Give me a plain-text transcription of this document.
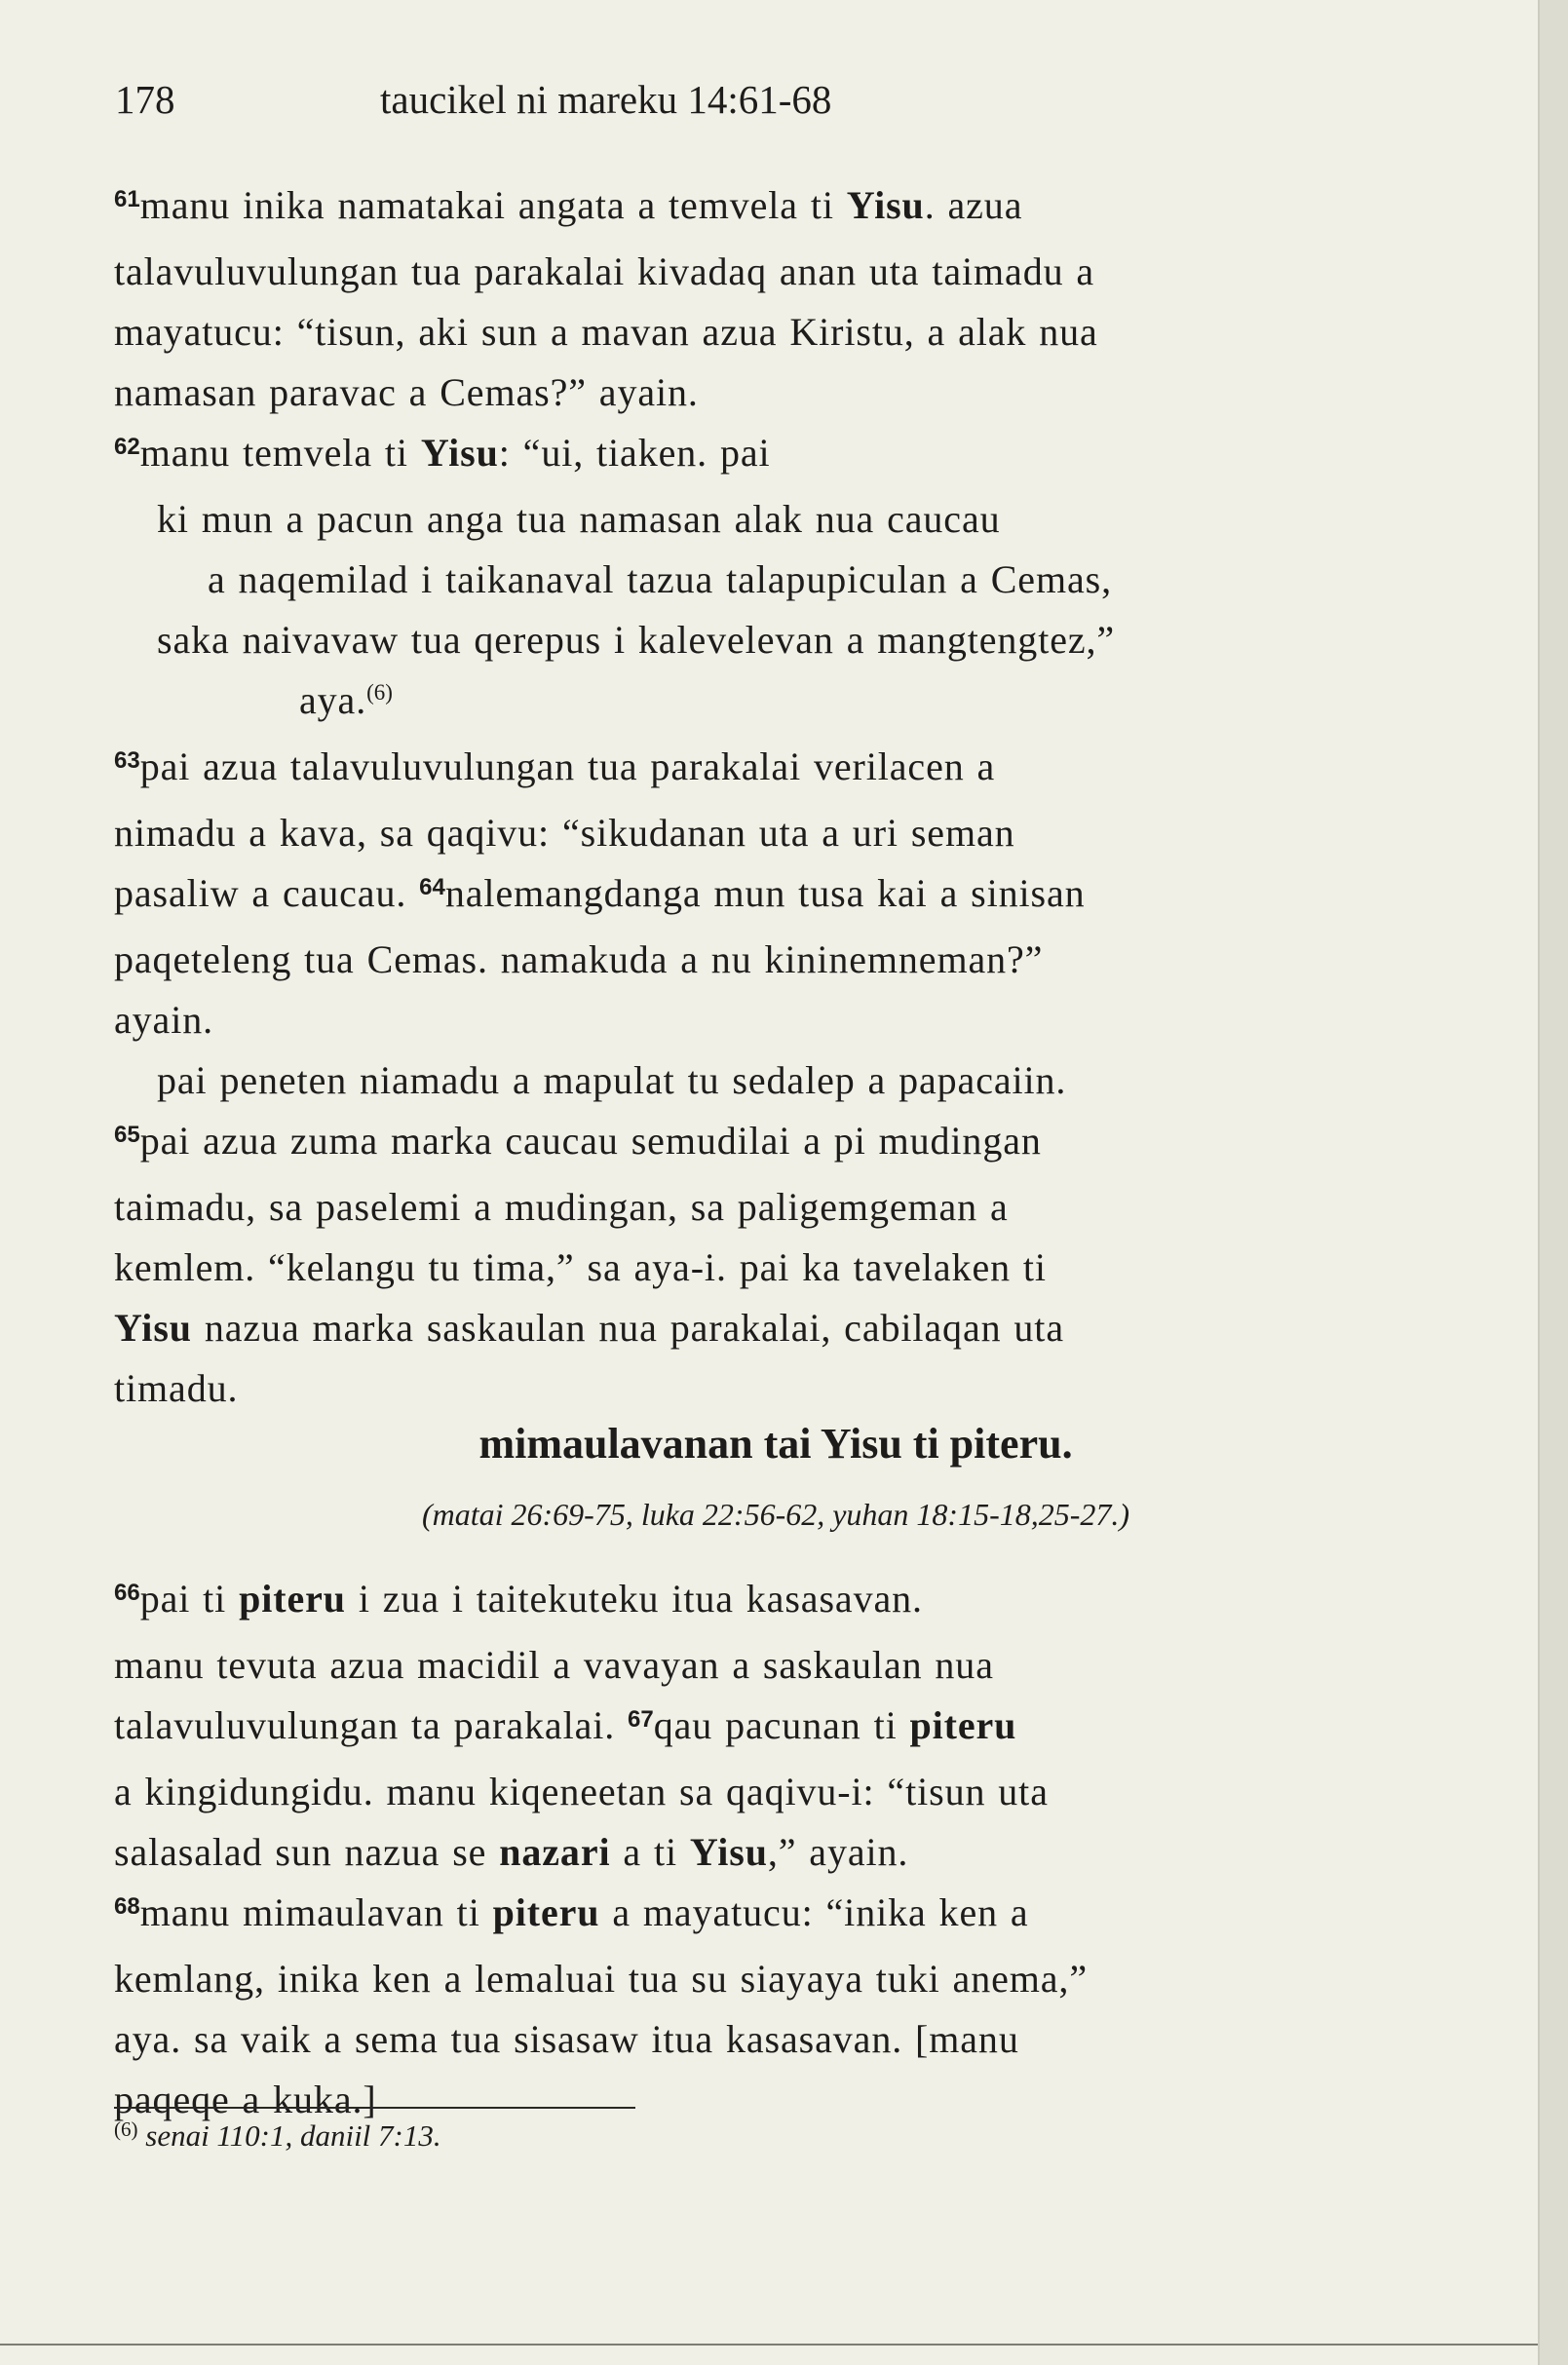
178	taucikel ni mareku 14:61-68

$^{61}$manu inika namatakai angata a temvela ti Yisu. azua
talavuluvulungan tua parakalai kivadaq anan uta taimadu a
mayatucu: “tisun, aki sun a mavan azua Kiristu, a alak nua
namasan paravac a Cemas?” ayain.

$^{62}$manu temvela ti Yisu: “ui, tiaken. pai
ki mun a pacun anga tua namasan alak nua caucau
a naqemilad i taikanaval tazua talapupiculan a Cemas,
saka naivavaw tua qerepus i kalevelevan a mangtengtez,”
aya.$^{(6)}$

$^{63}$pai azua talavuluvulungan tua parakalai verilacen a
nimadu a kava, sa qaqivu: “sikudanan uta a uri seman
pasaliw a caucau. $^{64}$nalemangdanga mun tusa kai a sinisan
paqeteleng tua Cemas. namakuda a nu kininemneman?”
ayain.

pai peneten niamadu a mapulat tu sedalep a papacaiin.

$^{65}$pai azua zuma marka caucau semudilai a pi mudingan
taimadu, sa paselemi a mudingan, sa paligemgeman a
kemlem. “kelangu tu tima,” sa aya-i. pai ka tavelaken ti
Yisu nazua marka saskaulan nua parakalai, cabilaqan uta
timadu.

mimaulavanan tai Yisu ti piteru.
(matai 26:69-75, luka 22:56-62, yuhan 18:15-18,25-27.)

$^{66}$pai ti piteru i zua i taitekuteku itua kasasavan.
manu tevuta azua macidil a vavayan a saskaulan nua
talavuluvulungan ta parakalai. $^{67}$qau pacunan ti piteru
a kingidungidu. manu kiqeneetan sa qaqivu-i: “tisun uta
salasalad sun nazua se nazari a ti Yisu,” ayain.

$^{68}$manu mimaulavan ti piteru a mayatucu: “inika ken a
kemlang, inika ken a lemaluai tua su siayaya tuki anema,”
aya. sa vaik a sema tua sisasaw itua kasasavan. [manu
paqeqe a kuka.]

$^{(6)}$ senai 110:1, daniil 7:13.
